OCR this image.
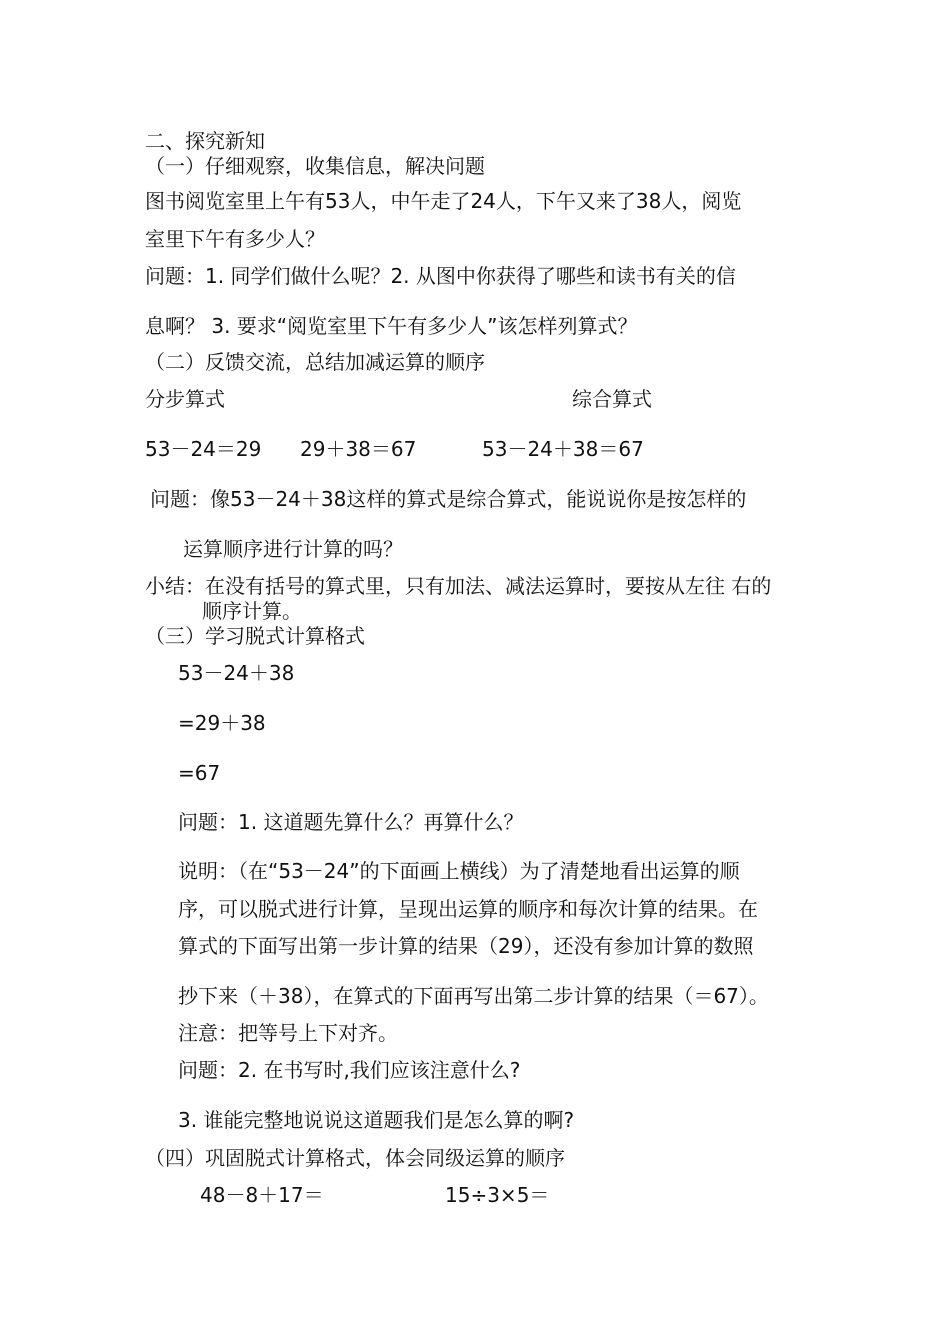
二、探究新知
（一）仔细观察，收集信息，解决问题
图书阅览室里上午有53人，中午走了24人，下午又来了38人，阅览
室里下午有多少人？
问题：1. 同学们做什么呢？2. 从图中你获得了哪些和读书有关的信
息啊？ 3. 要求“阅览室里下午有多少人”该怎样列算式？
（二）反馈交流，总结加减运算的顺序
分步算式	综合算式
53－24＝29 29＋38＝67	53－24＋38＝67
问题：像53－24＋38这样的算式是综合算式，能说说你是按怎样的
运算顺序进行计算的吗？
小结：在没有括号的算式里，只有加法、减法运算时，要按从左往 右的
顺序计算。
（三）学习脱式计算格式
53－24＋38
=29＋38
=67
问题：1. 这道题先算什么？再算什么？
说明：（在“53－24”的下面画上横线）为了清楚地看出运算的顺
序，可以脱式进行计算，呈现出运算的顺序和每次计算的结果。在
算式的下面写出第一步计算的结果（29），还没有参加计算的数照
抄下来（＋38），在算式的下面再写出第二步计算的结果（＝67）。
注意：把等号上下对齐。
问题：2. 在书写时,我们应该注意什么?
3. 谁能完整地说说这道题我们是怎么算的啊?
（四）巩固脱式计算格式，体会同级运算的顺序
48－8＋17＝	15÷3×5＝
